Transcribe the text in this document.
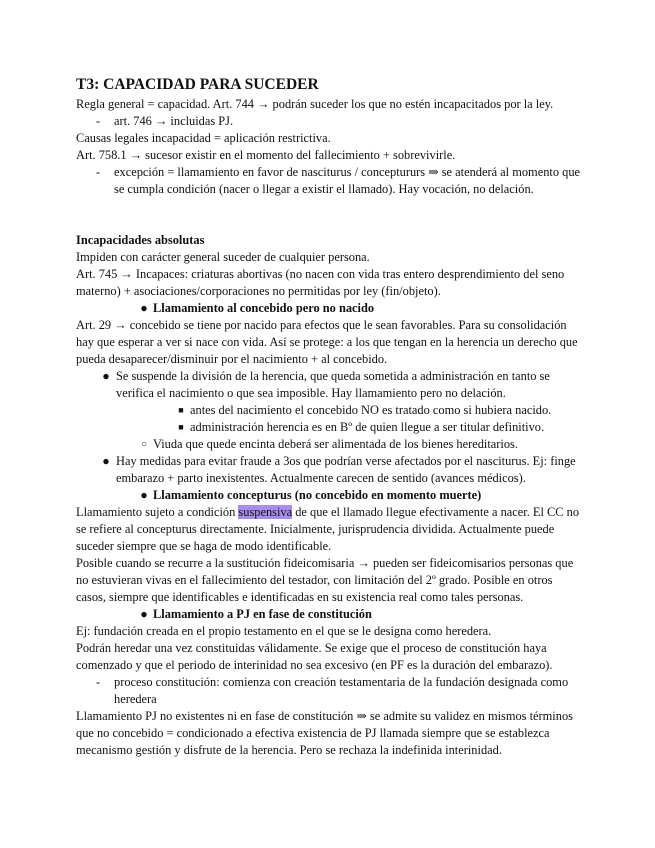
T3: CAPACIDAD PARA SUCEDER

Regla general = capacidad. Art. 744 → podrán suceder los que no estén incapacitados por la ley.

-	art. 746 → incluidas PJ.

Causas legales incapacidad = aplicación restrictiva.

Art. 758.1 → sucesor existir en el momento del fallecimiento + sobrevivirle.

-	excepción = llamamiento en favor de nasciturus / conceptururs ⇒ se atenderá al momento que se cumpla condición (nacer o llegar a existir el llamado). Hay vocación, no delación.

Incapacidades absolutas

Impiden con carácter general suceder de cualquier persona.

Art. 745 → Incapaces: criaturas abortivas (no nacen con vida tras entero desprendimiento del seno materno) + asociaciones/corporaciones no permitidas por ley (fin/objeto).

● Llamamiento al concebido pero no nacido

Art. 29 → concebido se tiene por nacido para efectos que le sean favorables. Para su consolidación hay que esperar a ver si nace con vida. Así se protege: a los que tengan en la herencia un derecho que pueda desaparecer/disminuir por el nacimiento + al concebido.

● Se suspende la división de la herencia, que queda sometida a administración en tanto se verifica el nacimiento o que sea imposible. Hay llamamiento pero no delación.
■ antes del nacimiento el concebido NO es tratado como si hubiera nacido.
■ administración herencia es en Bº de quien llegue a ser titular definitivo.
○ Viuda que quede encinta deberá ser alimentada de los bienes hereditarios.
● Hay medidas para evitar fraude a 3os que podrían verse afectados por el nasciturus. Ej: finge embarazo + parto inexistentes. Actualmente carecen de sentido (avances médicos).
● Llamamiento concepturus (no concebido en momento muerte)

Llamamiento sujeto a condición suspensiva de que el llamado llegue efectivamente a nacer. El CC no se refiere al concepturus directamente. Inicialmente, jurisprudencia dividida. Actualmente puede suceder siempre que se haga de modo identificable.

Posible cuando se recurre a la sustitución fideicomisaria → pueden ser fideicomisarios personas que no estuvieran vivas en el fallecimiento del testador, con limitación del 2º grado. Posible en otros casos, siempre que identificables e identificadas en su existencia real como tales personas.

● Llamamiento a PJ en fase de constitución

Ej: fundación creada en el propio testamento en el que se le designa como heredera.

Podrán heredar una vez constituidas válidamente. Se exige que el proceso de constitución haya comenzado y que el periodo de interinidad no sea excesivo (en PF es la duración del embarazo).

-	proceso constitución: comienza con creación testamentaria de la fundación designada como heredera

Llamamiento PJ no existentes ni en fase de constitución ⇒ se admite su validez en mismos términos que no concebido = condicionado a efectiva existencia de PJ llamada siempre que se establezca mecanismo gestión y disfrute de la herencia. Pero se rechaza la indefinida interinidad.
